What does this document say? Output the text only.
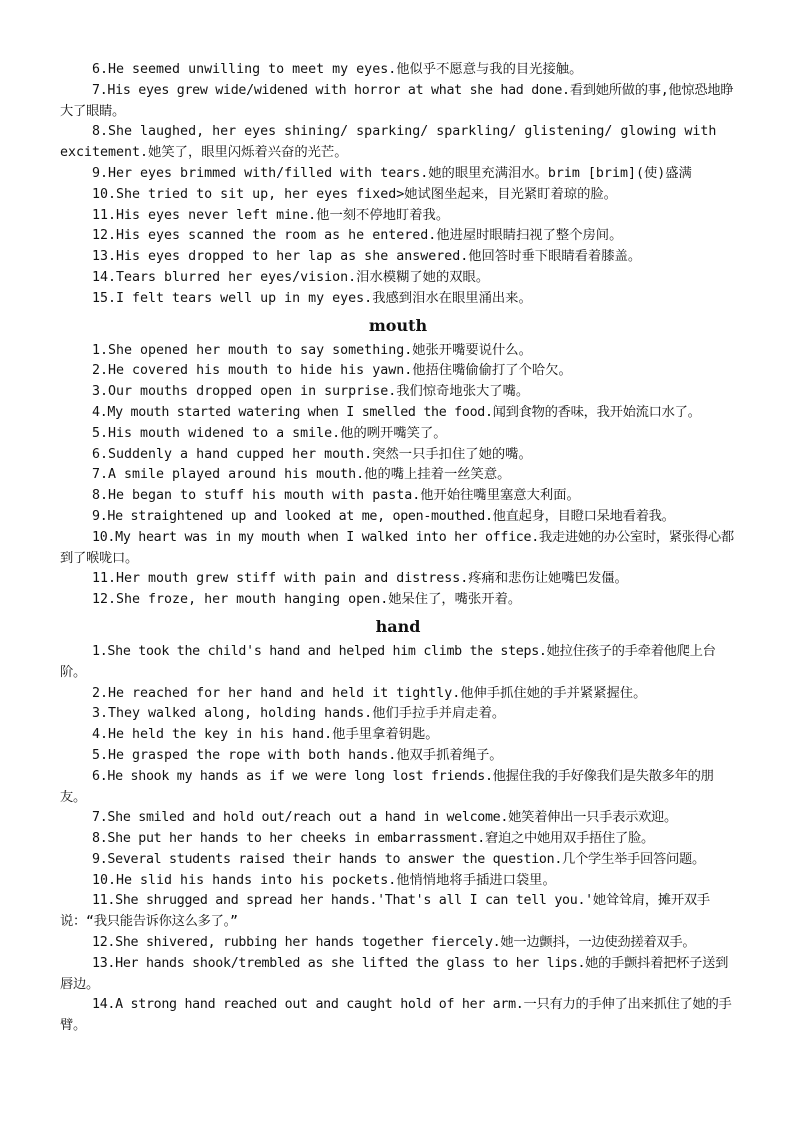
6.He seemed unwilling to meet my eyes.他似乎不愿意与我的目光接触。
7.His eyes grew wide/widened with horror at what she had done.看到她所做的事,他惊恐地睁大了眼睛。
8.She laughed, her eyes shining/ sparking/ sparkling/ glistening/ glowing with excitement.她笑了，眼里闪烁着兴奋的光芒。
9.Her eyes brimmed with/filled with tears.她的眼里充满泪水。brim [brim](使)盛满
10.She tried to sit up, her eyes fixed>她试图坐起来，目光紧盯着琼的脸。
11.His eyes never left mine.他一刻不停地盯着我。
12.His eyes scanned the room as he entered.他进屋时眼睛扫视了整个房间。
13.His eyes dropped to her lap as she answered.他回答时垂下眼睛看着膝盖。
14.Tears blurred her eyes/vision.泪水模糊了她的双眼。
15.I felt tears well up in my eyes.我感到泪水在眼里涌出来。
mouth
1.She opened her mouth to say something.她张开嘴要说什么。
2.He covered his mouth to hide his yawn.他捂住嘴偷偷打了个哈欠。
3.Our mouths dropped open in surprise.我们惊奇地张大了嘴。
4.My mouth started watering when I smelled the food.闻到食物的香味，我开始流口水了。
5.His mouth widened to a smile.他的咧开嘴笑了。
6.Suddenly a hand cupped her mouth.突然一只手扣住了她的嘴。
7.A smile played around his mouth.他的嘴上挂着一丝笑意。
8.He began to stuff his mouth with pasta.他开始往嘴里塞意大利面。
9.He straightened up and looked at me, open-mouthed.他直起身，目瞪口呆地看着我。
10.My heart was in my mouth when I walked into her office.我走进她的办公室时，紧张得心都到了喉咙口。
11.Her mouth grew stiff with pain and distress.疼痛和悲伤让她嘴巴发僵。
12.She froze, her mouth hanging open.她呆住了，嘴张开着。
hand
1.She took the child's hand and helped him climb the steps.她拉住孩子的手牵着他爬上台阶。
2.He reached for her hand and held it tightly.他伸手抓住她的手并紧紧握住。
3.They walked along, holding hands.他们手拉手并肩走着。
4.He held the key in his hand.他手里拿着钥匙。
5.He grasped the rope with both hands.他双手抓着绳子。
6.He shook my hands as if we were long lost friends.他握住我的手好像我们是失散多年的朋友。
7.She smiled and hold out/reach out a hand in welcome.她笑着伸出一只手表示欢迎。
8.She put her hands to her cheeks in embarrassment.窘迫之中她用双手捂住了脸。
9.Several students raised their hands to answer the question.几个学生举手回答问题。
10.He slid his hands into his pockets.他悄悄地将手插进口袋里。
11.She shrugged and spread her hands.'That's all I can tell you.'她耸耸肩，摊开双手说：“我只能告诉你这么多了。”
12.She shivered, rubbing her hands together fiercely.她一边颤抖，一边使劲搓着双手。
13.Her hands shook/trembled as she lifted the glass to her lips.她的手颤抖着把杯子送到唇边。
14.A strong hand reached out and caught hold of her arm.一只有力的手伸了出来抓住了她的手臂。
